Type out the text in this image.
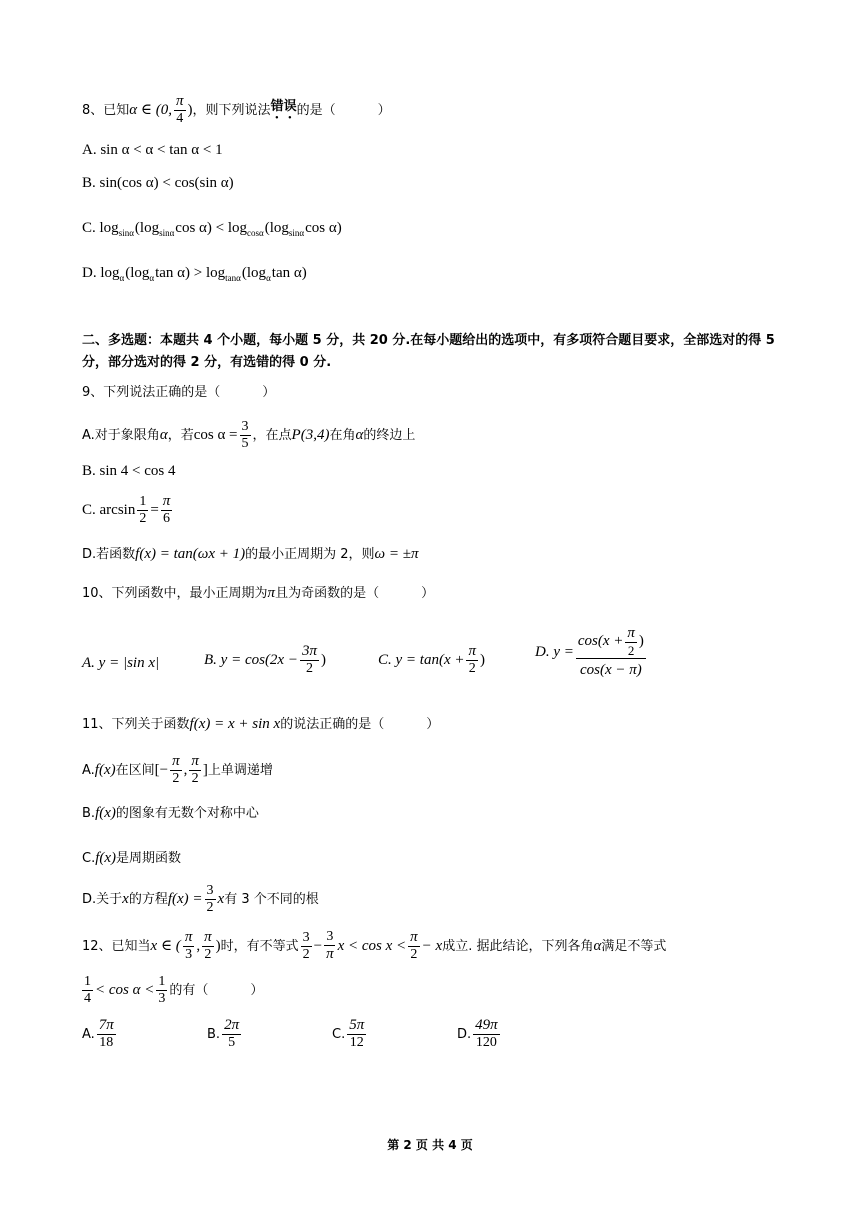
8、 已知 α ∈ (0, $\frac{\pi}{4}$ ) ，则下列说法 错误 的是（	）
A. sin α < α < tan α < 1
B. sin(cos α) < cos(sin α)
C. log sinα (log sinα cos α) < log cosα (log sinα cos α)
D. log α (log α tan α) > log tanα (log α tan α)
二、多选题：本题共 4 个小题，每小题 5 分，共 20 分.在每小题给出的选项中，有多项符合题目要求，全部选对的得 5 分，部分选对的得 2 分，有选错的得 0 分.
9、下列说法正确的是（	）
A.对于象限角 α ，若 $\cos \alpha = \frac{3}{5}$ ，在点 P(3,4) 在角 α 的终边上
B. sin 4 < cos 4
C. $\arcsin \frac{1}{2} = \frac{\pi}{6}$
D.若函数 f(x) = tan(ωx + 1) 的最小正周期为 2，则 ω = ±π
10、下列函数中，最小正周期为 π 且为奇函数的是（	）
A. y = |sin x|	B. $y = \cos(2x - \frac{3\pi}{2}$ )	C. $y = \tan(x + \frac{\pi}{2}$ )	D. $y = \frac{\cos(x + \frac{\pi}{2} )}{\cos(x - \pi)}$
11、下列关于函数 f(x) = x + sin x 的说法正确的是（	）
A. f(x) 在区间 [− $\frac{\pi}{2}$ , $\frac{\pi}{2}$ ] 上单调递增
B. f(x) 的图象有无数个对称中心
C. f(x) 是周期函数
D.关于 x 的方程 $f(x) = \frac{3}{2}$ x 有 3 个不同的根
12、已知当 x ∈ ( $\frac{\pi}{3}$ , $\frac{\pi}{2}$ ) 时，有不等式 $\frac{3}{2} - \frac{3}{\pi}$ $x < \cos x < \frac{\pi}{2} - x$ 成立. 据此结论，下列各角 α 满足不等式
$\frac{1}{4} < \cos \alpha < \frac{1}{3}$ 的有（	）
A. $\frac{7\pi}{18}$	B. $\frac{2\pi}{5}$	C. $\frac{5\pi}{12}$	D. $\frac{49\pi}{120}$
第 2 页 共 4 页
